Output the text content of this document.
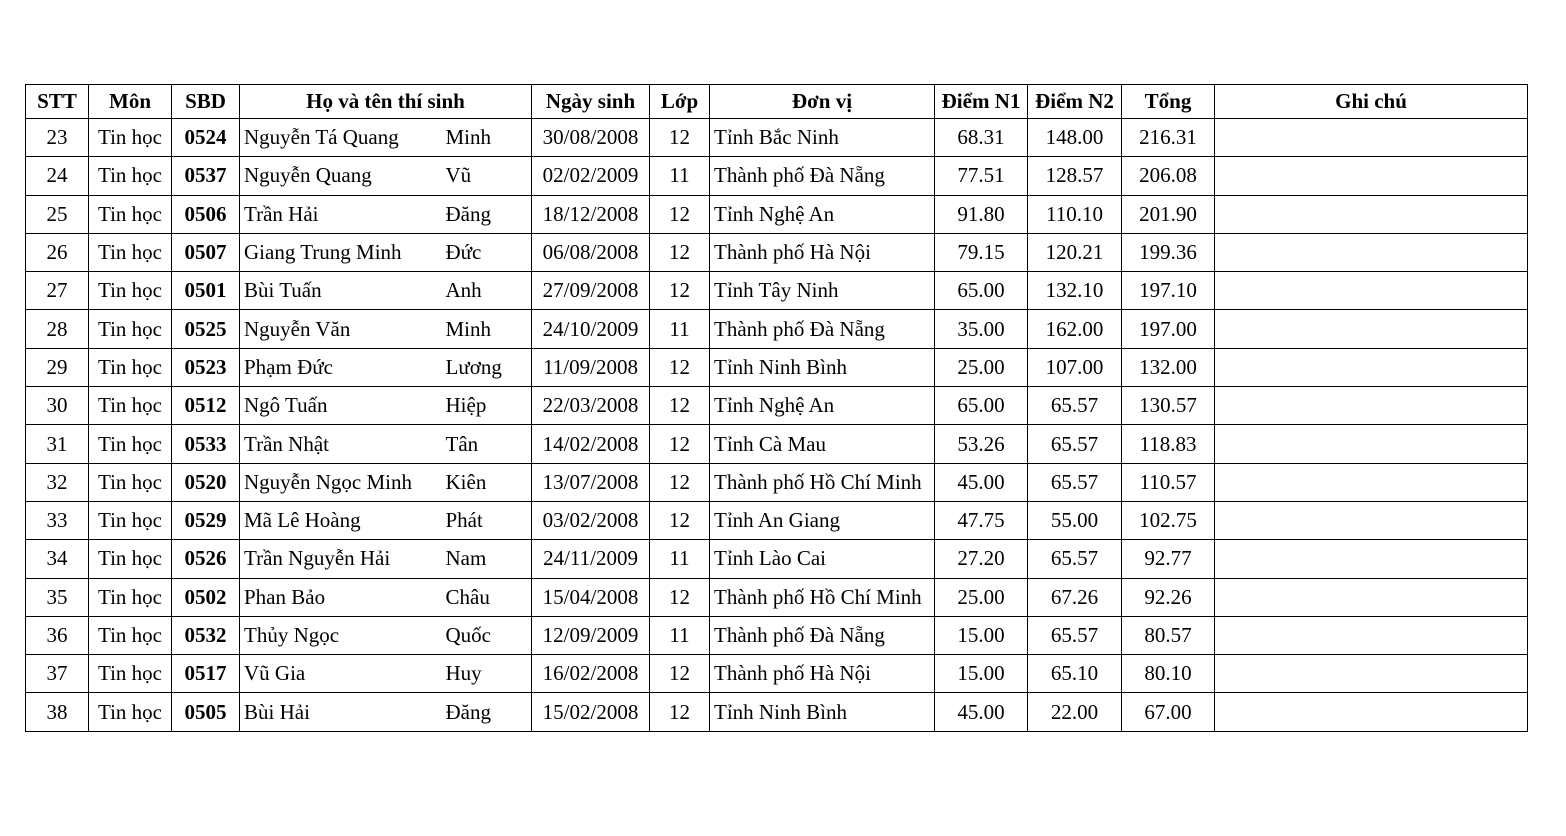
STT	Môn	SBD	Họ và tên thí sinh		Ngày sinh	Lớp	Đơn vị	Điểm N1	Điểm N2	Tổng	Ghi chú
23	Tin học	0524	Nguyễn Tá Quang	Minh	30/08/2008	12	Tỉnh Bắc Ninh	68.31	148.00	216.31	
24	Tin học	0537	Nguyễn Quang	Vũ	02/02/2009	11	Thành phố Đà Nẵng	77.51	128.57	206.08	
25	Tin học	0506	Trần Hải	Đăng	18/12/2008	12	Tỉnh Nghệ An	91.80	110.10	201.90	
26	Tin học	0507	Giang Trung Minh	Đức	06/08/2008	12	Thành phố Hà Nội	79.15	120.21	199.36	
27	Tin học	0501	Bùi Tuấn	Anh	27/09/2008	12	Tỉnh Tây Ninh	65.00	132.10	197.10	
28	Tin học	0525	Nguyễn Văn	Minh	24/10/2009	11	Thành phố Đà Nẵng	35.00	162.00	197.00	
29	Tin học	0523	Phạm Đức	Lương	11/09/2008	12	Tỉnh Ninh Bình	25.00	107.00	132.00	
30	Tin học	0512	Ngô Tuấn	Hiệp	22/03/2008	12	Tỉnh Nghệ An	65.00	65.57	130.57	
31	Tin học	0533	Trần Nhật	Tân	14/02/2008	12	Tỉnh Cà Mau	53.26	65.57	118.83	
32	Tin học	0520	Nguyễn Ngọc Minh	Kiên	13/07/2008	12	Thành phố Hồ Chí Minh	45.00	65.57	110.57	
33	Tin học	0529	Mã Lê Hoàng	Phát	03/02/2008	12	Tỉnh An Giang	47.75	55.00	102.75	
34	Tin học	0526	Trần Nguyễn Hải	Nam	24/11/2009	11	Tỉnh Lào Cai	27.20	65.57	92.77	
35	Tin học	0502	Phan Bảo	Châu	15/04/2008	12	Thành phố Hồ Chí Minh	25.00	67.26	92.26	
36	Tin học	0532	Thủy Ngọc	Quốc	12/09/2009	11	Thành phố Đà Nẵng	15.00	65.57	80.57	
37	Tin học	0517	Vũ Gia	Huy	16/02/2008	12	Thành phố Hà Nội	15.00	65.10	80.10	
38	Tin học	0505	Bùi Hải	Đăng	15/02/2008	12	Tỉnh Ninh Bình	45.00	22.00	67.00	
